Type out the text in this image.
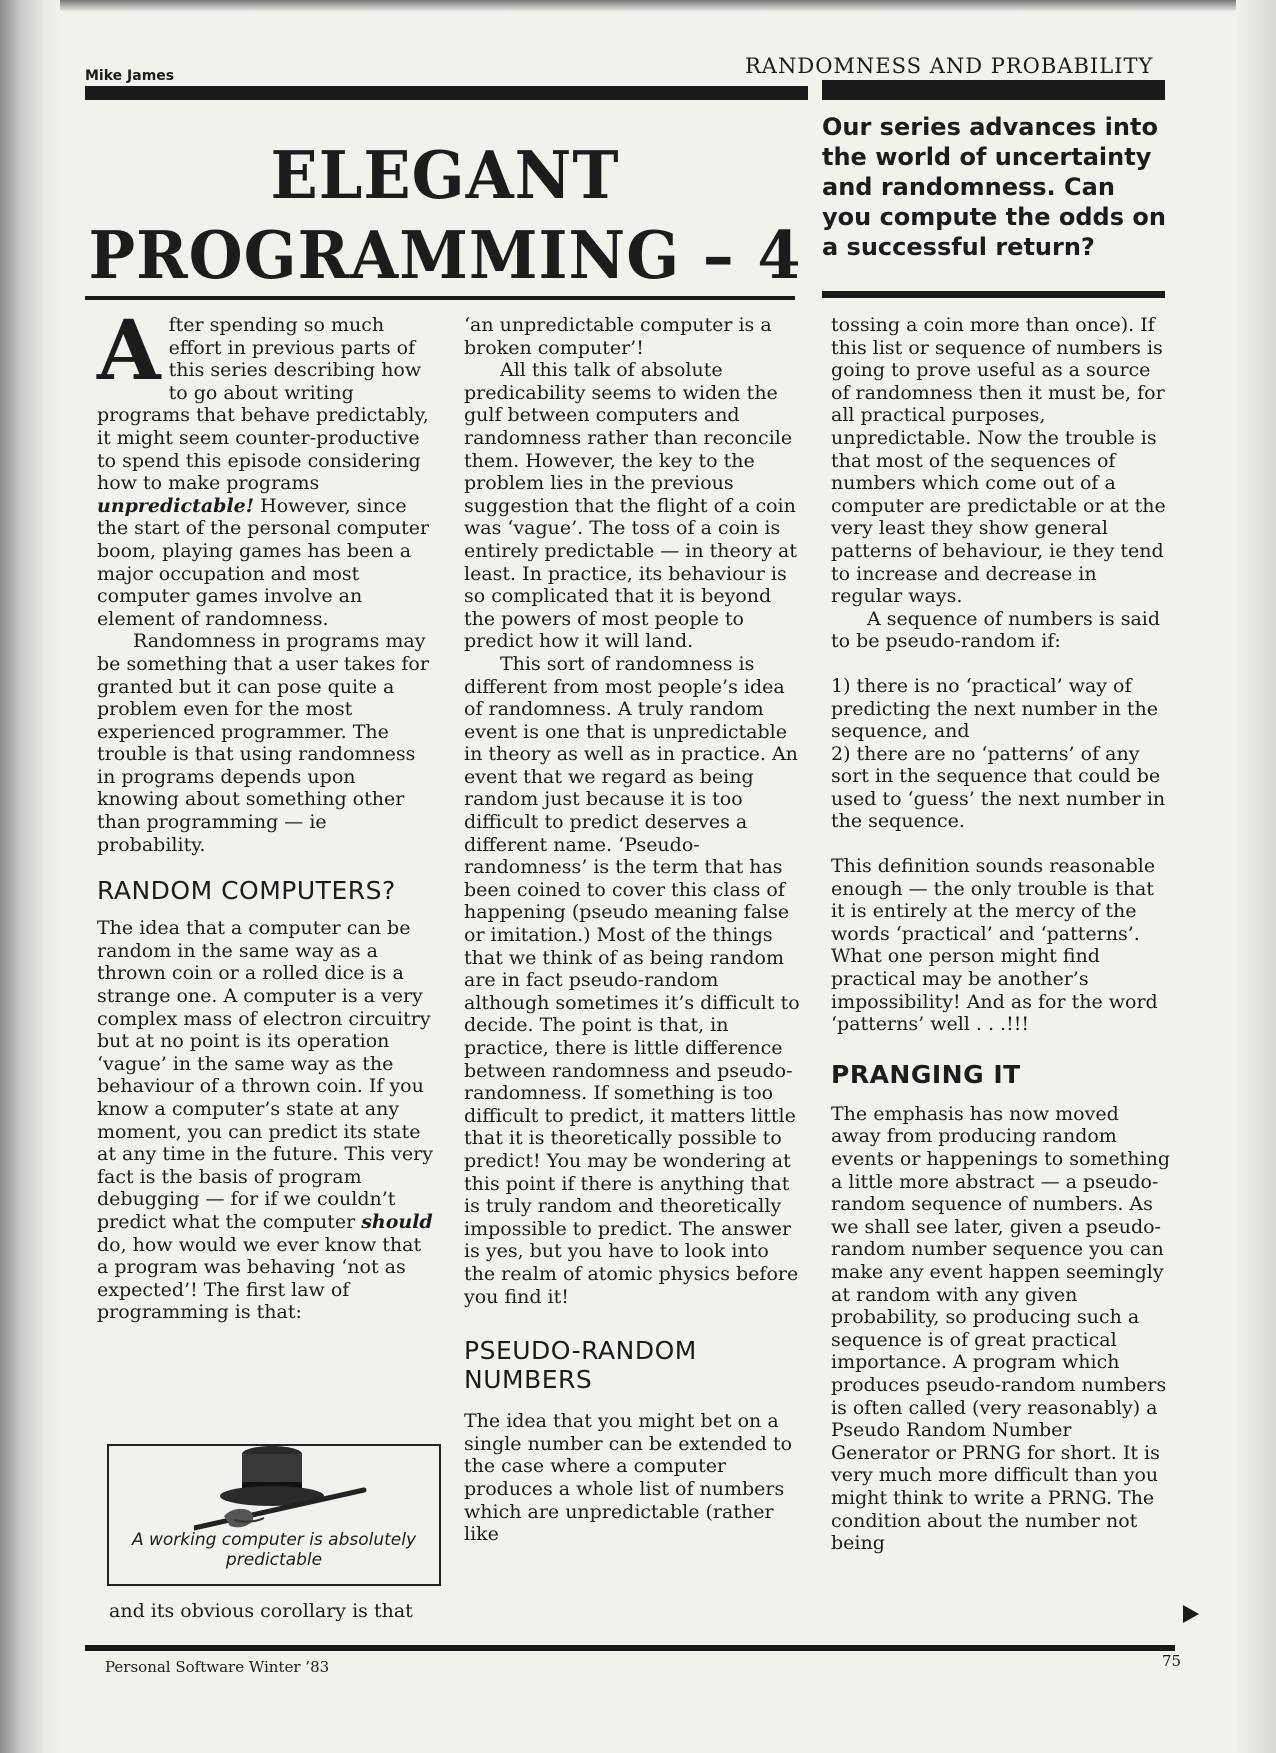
Mike James	RANDOMNESS AND PROBABILITY
ELEGANT
PROGRAMMING – 4
Our series advances into the world of uncertainty and randomness. Can you compute the odds on a successful return?

After spending so much effort in previous parts of this series describing how to go about writing programs that behave predictably, it might seem counter-productive to spend this episode considering how to make programs unpredictable! However, since the start of the personal computer boom, playing games has been a major occupation and most computer games involve an element of randomness.

Randomness in programs may be something that a user takes for granted but it can pose quite a problem even for the most experienced programmer. The trouble is that using randomness in programs depends upon knowing about something other than programming — ie probability.

RANDOM COMPUTERS?

The idea that a computer can be random in the same way as a thrown coin or a rolled dice is a strange one. A computer is a very complex mass of electron circuitry but at no point is its operation ‘vague’ in the same way as the behaviour of a thrown coin. If you know a computer’s state at any moment, you can predict its state at any time in the future. This very fact is the basis of program debugging — for if we couldn’t predict what the computer should do, how would we ever know that a program was behaving ‘not as expected’! The first law of programming is that:

A working computer is absolutely predictable

and its obvious corollary is that

‘an unpredictable computer is a broken computer’!

All this talk of absolute predicability seems to widen the gulf between computers and randomness rather than reconcile them. However, the key to the problem lies in the previous suggestion that the flight of a coin was ‘vague’. The toss of a coin is entirely predictable — in theory at least. In practice, its behaviour is so complicated that it is beyond the powers of most people to predict how it will land.

This sort of randomness is different from most people’s idea of randomness. A truly random event is one that is unpredictable in theory as well as in practice. An event that we regard as being random just because it is too difficult to predict deserves a different name. ‘Pseudo-randomness’ is the term that has been coined to cover this class of happening (pseudo meaning false or imitation.) Most of the things that we think of as being random are in fact pseudo-random although sometimes it’s difficult to decide. The point is that, in practice, there is little difference between randomness and pseudo-randomness. If something is too difficult to predict, it matters little that it is theoretically possible to predict! You may be wondering at this point if there is anything that is truly random and theoretically impossible to predict. The answer is yes, but you have to look into the realm of atomic physics before you find it!

PSEUDO-RANDOM NUMBERS

The idea that you might bet on a single number can be extended to the case where a computer produces a whole list of numbers which are unpredictable (rather like

tossing a coin more than once). If this list or sequence of numbers is going to prove useful as a source of randomness then it must be, for all practical purposes, unpredictable. Now the trouble is that most of the sequences of numbers which come out of a computer are predictable or at the very least they show general patterns of behaviour, ie they tend to increase and decrease in regular ways.

A sequence of numbers is said to be pseudo-random if:

1) there is no ‘practical’ way of predicting the next number in the sequence, and

2) there are no ‘patterns’ of any sort in the sequence that could be used to ‘guess’ the next number in the sequence.

This definition sounds reasonable enough — the only trouble is that it is entirely at the mercy of the words ‘practical’ and ‘patterns’. What one person might find practical may be another’s impossibility! And as for the word ‘patterns’ well . . .!!!

PRANGING IT

The emphasis has now moved away from producing random events or happenings to something a little more abstract — a pseudo-random sequence of numbers. As we shall see later, given a pseudo-random number sequence you can make any event happen seemingly at random with any given probability, so producing such a sequence is of great practical importance. A program which produces pseudo-random numbers is often called (very reasonably) a Pseudo Random Number Generator or PRNG for short. It is very much more difficult than you might think to write a PRNG. The condition about the number not being

Personal Software Winter ’83	75
